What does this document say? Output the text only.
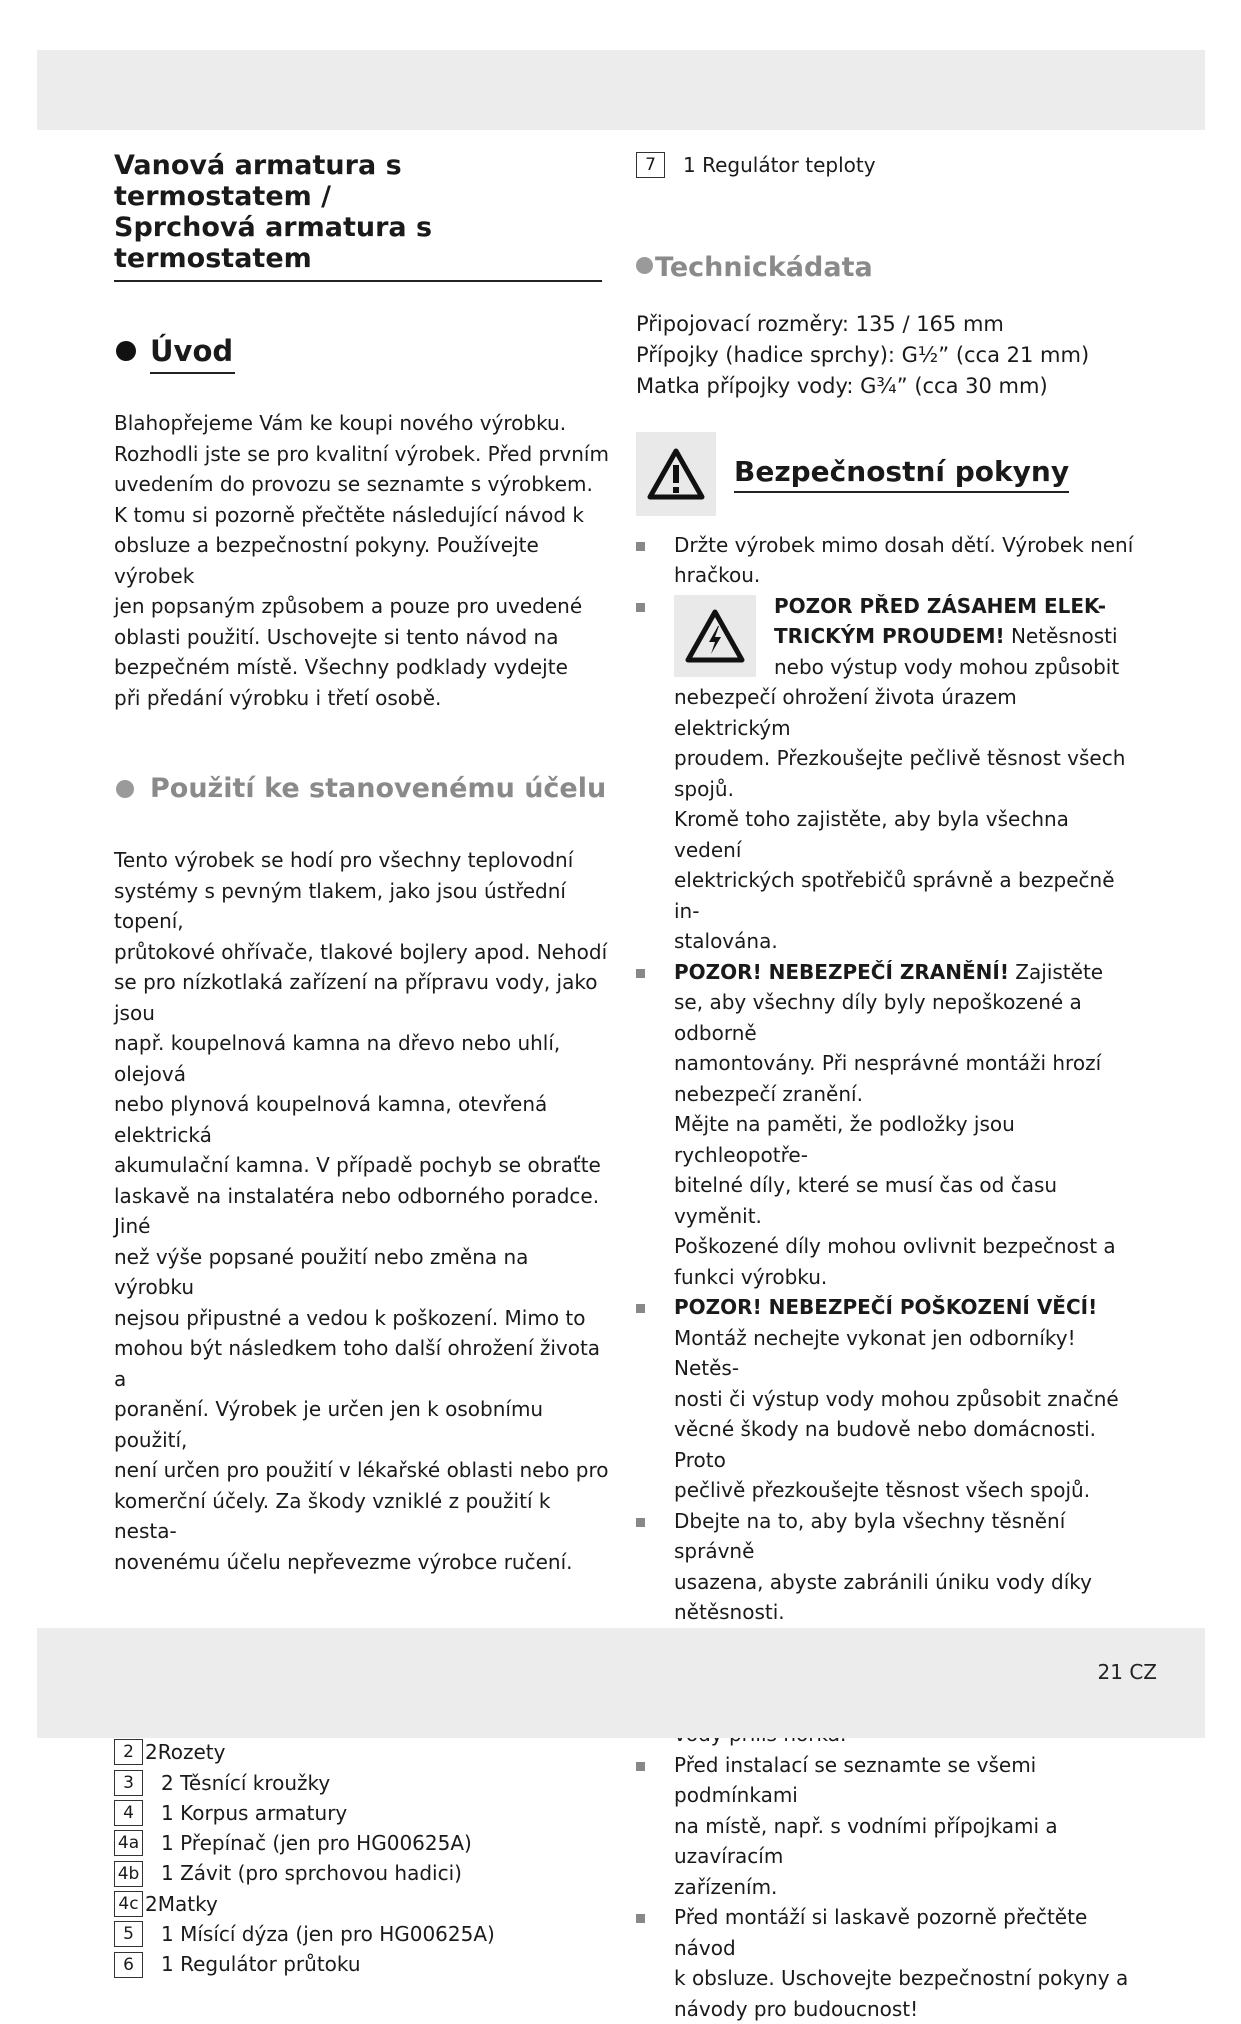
Vanová armatura s termostatem /
Sprchová armatura s termostatem
Úvod

Blahopřejeme Vám ke koupi nového výrobku.
Rozhodli jste se pro kvalitní výrobek. Před prvním
uvedením do provozu se seznamte s výrobkem.
K tomu si pozorně přečtěte následující návod k
obsluze a bezpečnostní pokyny. Používejte výrobek
jen popsaným způsobem a pouze pro uvedené
oblasti použití. Uschovejte si tento návod na
bezpečném místě. Všechny podklady vydejte
při předání výrobku i třetí osobě.

Použití ke stanovenému účelu

Tento výrobek se hodí pro všechny teplovodní
systémy s pevným tlakem, jako jsou ústřední topení,
průtokové ohřívače, tlakové bojlery apod. Nehodí
se pro nízkotlaká zařízení na přípravu vody, jako jsou
např. koupelnová kamna na dřevo nebo uhlí, olejová
nebo plynová koupelnová kamna, otevřená elektrická
akumulační kamna. V případě pochyb se obraťte
laskavě na instalatéra nebo odborného poradce. Jiné
než výše popsané použití nebo změna na výrobku
nejsou připustné a vedou k poškození. Mimo to
mohou být následkem toho další ohrožení života a
poranění. Výrobek je určen jen k osobnímu použití,
není určen pro použití v lékařské oblasti nebo pro
komerční účely. Za škody vzniklé z použití k nesta-
novenému účelu nepřevezme výrobce ručení.

2 2Rozety
3	2 Těsnící kroužky
4	1 Korpus armatury
4a 1 Přepínač (jen pro HG00625A)
4b 1 Závit (pro sprchovou hadici)
4c 2Matky
5	1 Mísící dýza (jen pro HG00625A)
6	1 Regulátor průtoku
7	1 Regulátor teploty
Technickádata
Připojovací rozměry: 135 / 165 mm
Přípojky (hadice sprchy): G½” (cca 21 mm)
Matka přípojky vody: G¾” (cca 30 mm)
Bezpečnostní pokyny

Držte výrobek mimo dosah dětí. Výrobek není
hračkou.

POZOR PŘED ZÁSAHEM ELEK-
TRICKÝM PROUDEM! Netěsnosti
nebo výstup vody mohou způsobit
nebezpečí ohrožení života úrazem elektrickým
proudem. Přezkoušejte pečlivě těsnost všech spojů.
Kromě toho zajistěte, aby byla všechna vedení
elektrických spotřebičů správně a bezpečně in-
stalována.

POZOR! NEBEZPEČÍ ZRANĚNÍ! Zajistěte
se, aby všechny díly byly nepoškozené a odborně
namontovány. Při nesprávné montáži hrozí
nebezpečí zranění.
Mějte na paměti, že podložky jsou rychleopotře-
bitelné díly, které se musí čas od času vyměnit.
Poškozené díly mohou ovlivnit bezpečnost a
funkci výrobku.

POZOR! NEBEZPEČÍ POŠKOZENÍ VĚCÍ!
Montáž nechejte vykonat jen odborníky! Netěs-
nosti či výstup vody mohou způsobit značné
věcné škody na budově nebo domácnosti. Proto
pečlivě přezkoušejte těsnost všech spojů.

Dbejte na to, aby byla všechny těsnění správně
usazena, abyste zabránili úniku vody díky
nětěsnosti.

Před instalací se seznamte se všemi podmínkami
na místě, např. s vodními přípojkami a uzavíracím
zařízením.

Před montáží si laskavě pozorně přečtěte návod
k obsluze. Uschovejte bezpečnostní pokyny a
návody pro budoucnost!

21 CZ
